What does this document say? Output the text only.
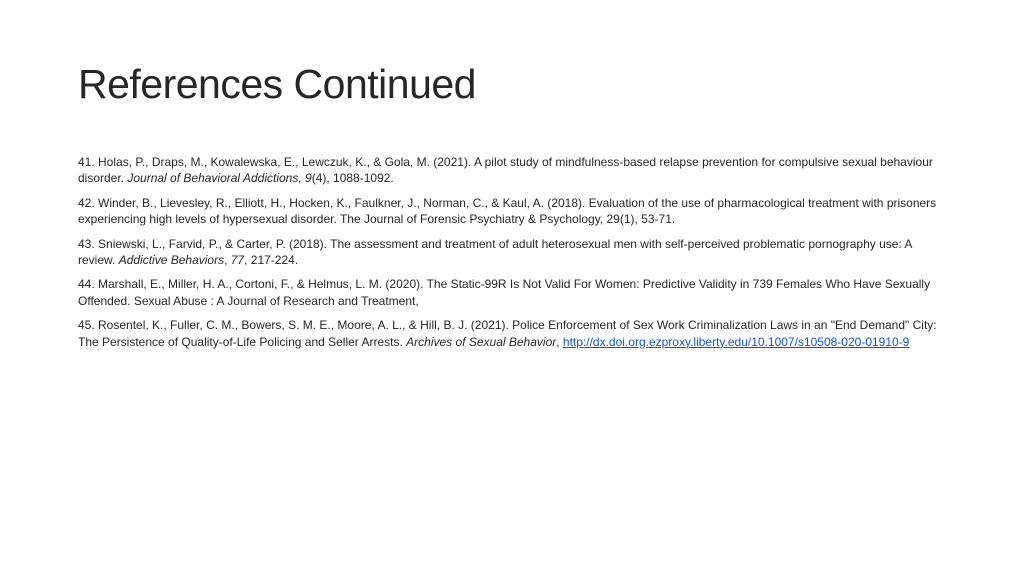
References Continued
41. Holas, P., Draps, M., Kowalewska, E., Lewczuk, K., & Gola, M. (2021). A pilot study of mindfulness-based relapse prevention for compulsive sexual behaviour disorder. Journal of Behavioral Addictions, 9(4), 1088-1092.
42. Winder, B., Lievesley, R., Elliott, H., Hocken, K., Faulkner, J., Norman, C., & Kaul, A. (2018). Evaluation of the use of pharmacological treatment with prisoners experiencing high levels of hypersexual disorder. The Journal of Forensic Psychiatry & Psychology, 29(1), 53-71.
43. Sniewski, L., Farvid, P., & Carter, P. (2018). The assessment and treatment of adult heterosexual men with self-perceived problematic pornography use: A review. Addictive Behaviors, 77, 217-224.
44. Marshall, E., Miller, H. A., Cortoni, F., & Helmus, L. M. (2020). The Static-99R Is Not Valid For Women: Predictive Validity in 739 Females Who Have Sexually Offended. Sexual Abuse : A Journal of Research and Treatment,
45. Rosentel, K., Fuller, C. M., Bowers, S. M. E., Moore, A. L., & Hill, B. J. (2021). Police Enforcement of Sex Work Criminalization Laws in an "End Demand" City: The Persistence of Quality-of-Life Policing and Seller Arrests. Archives of Sexual Behavior, http://dx.doi.org.ezproxy.liberty.edu/10.1007/s10508-020-01910-9
